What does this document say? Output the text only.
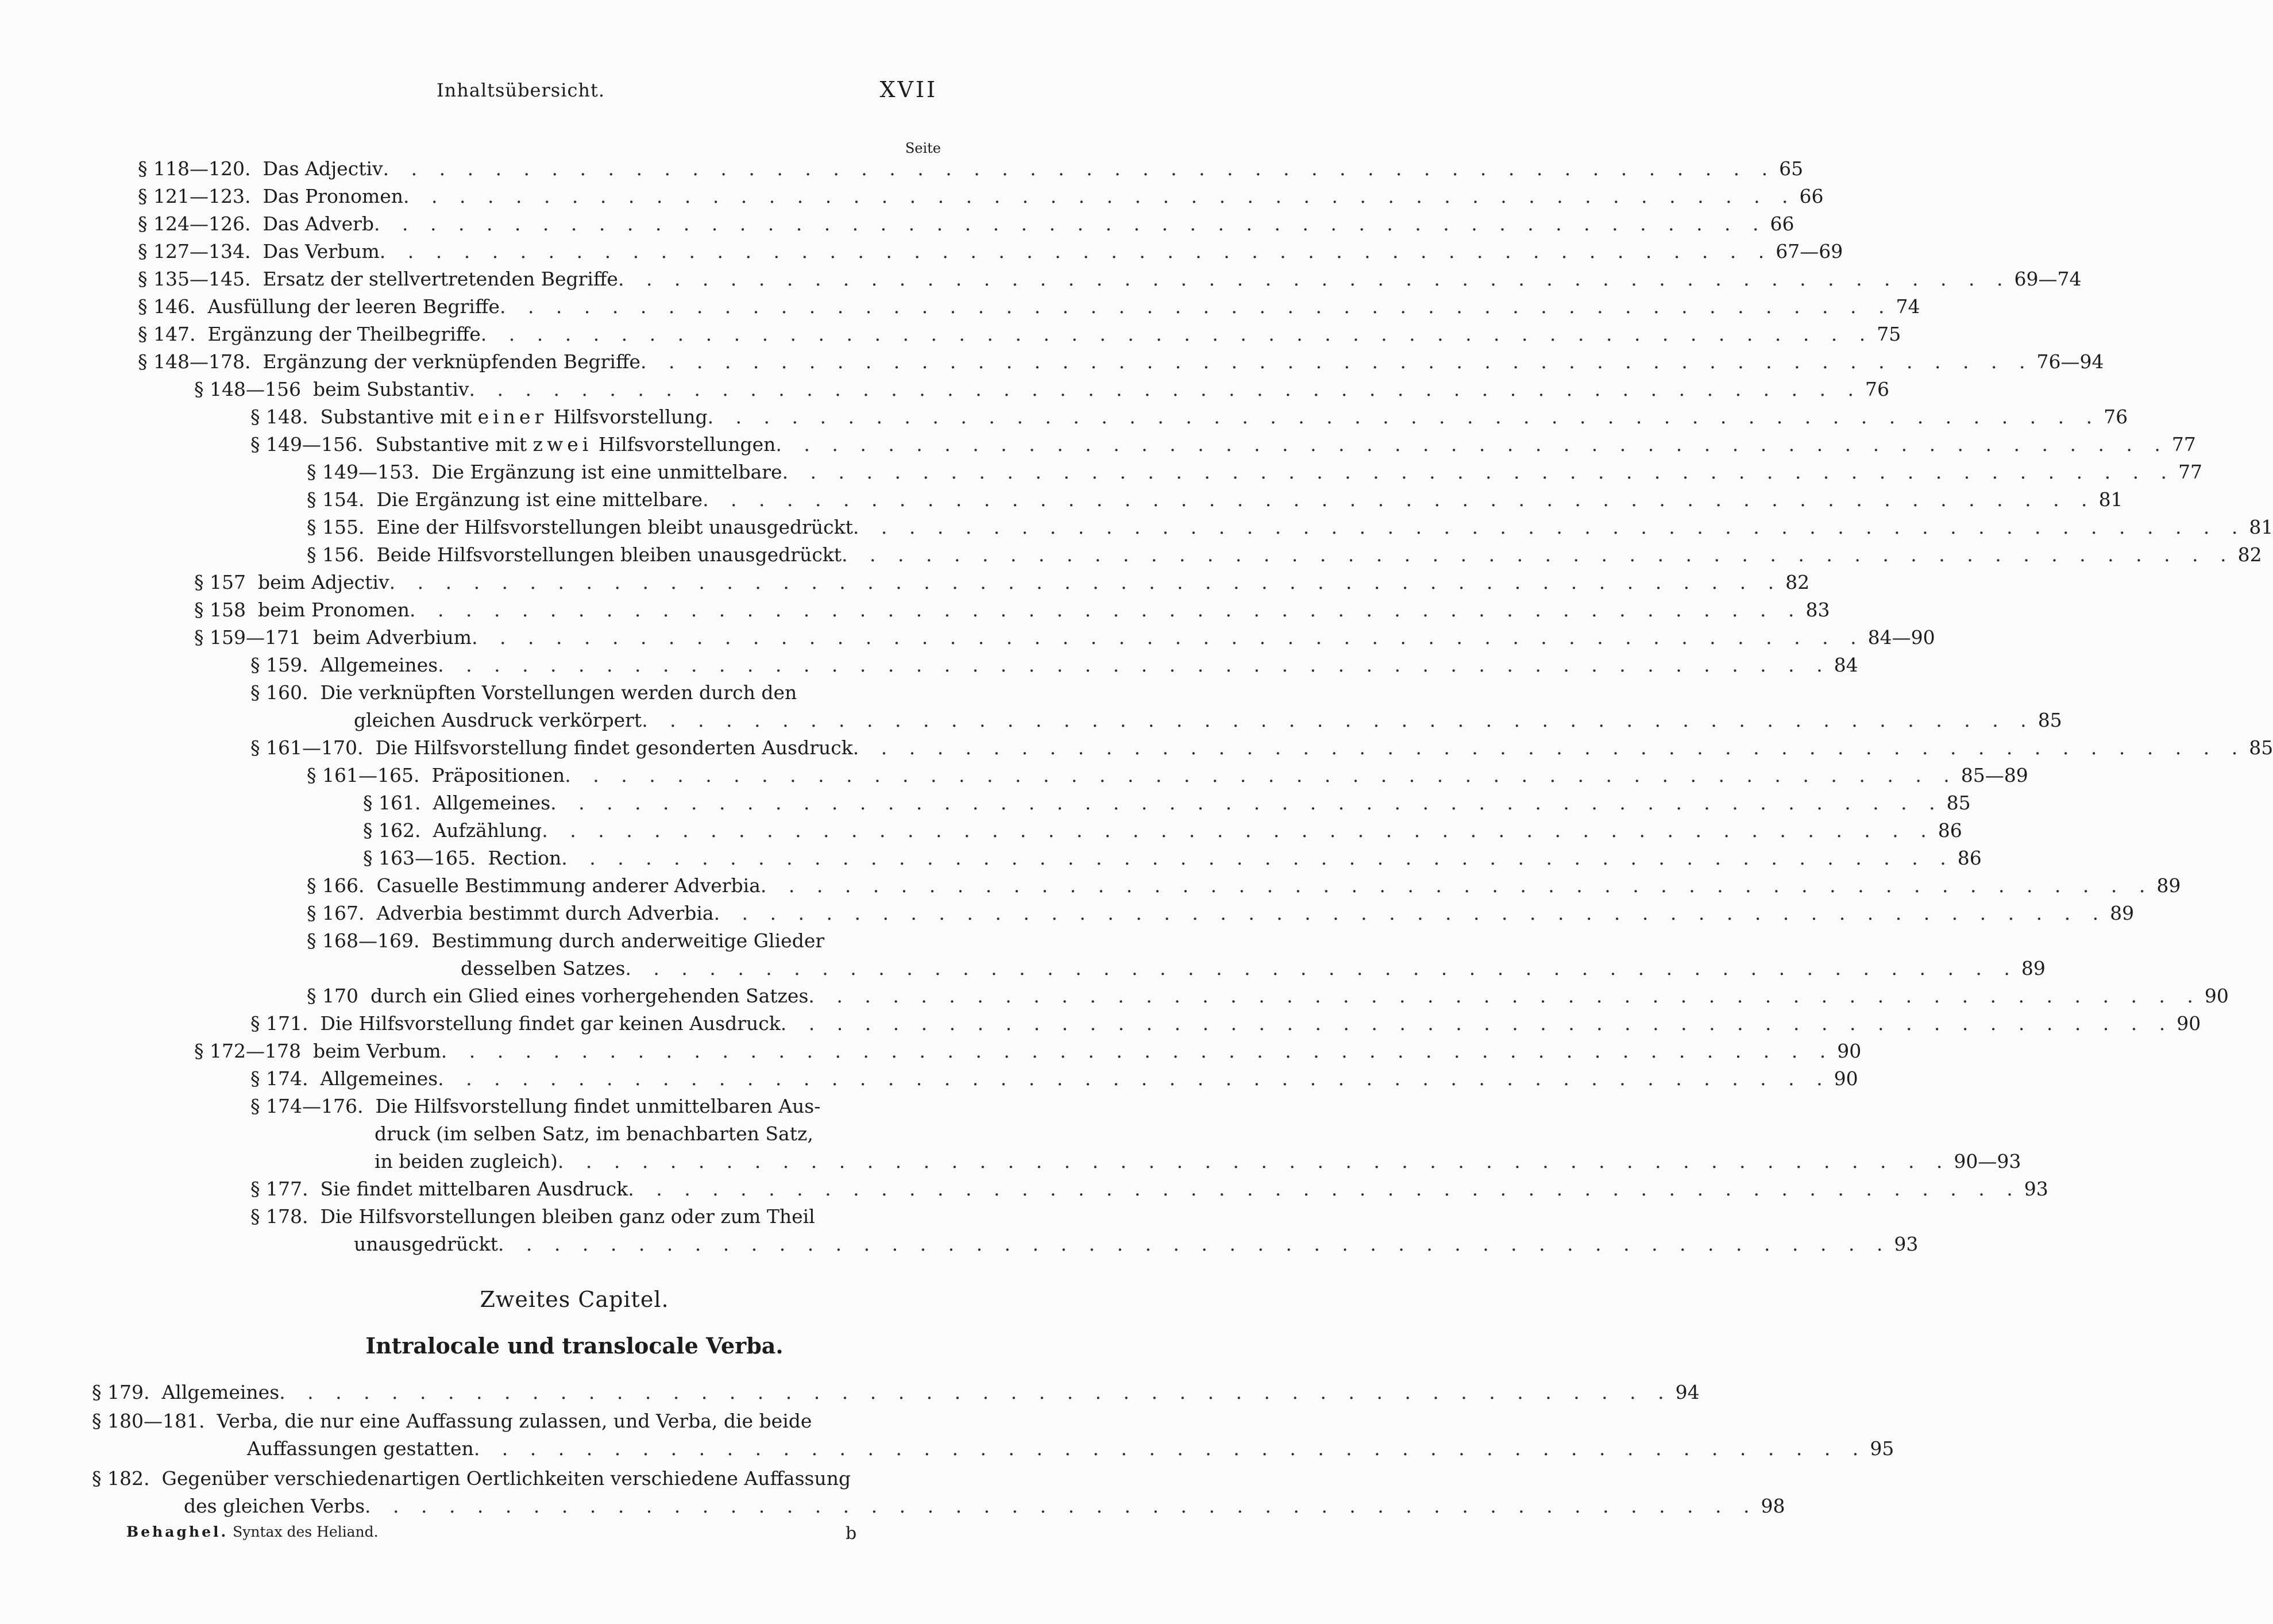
Inhaltsübersicht.	XVII
Seite
§ 118—120.
Das Adjectiv . . . . . . . . . . . . . . . . . . . . . . . . . . . . . . . . . . . . . . . . . . . . . . . . . . 65
§ 121—123.
Das Pronomen . . . . . . . . . . . . . . . . . . . . . . . . . . . . . . . . . . . . . . . . . . . . . . . . . . 66
§ 124—126.
Das Adverb . . . . . . . . . . . . . . . . . . . . . . . . . . . . . . . . . . . . . . . . . . . . . . . . . . 66
§ 127—134.
Das Verbum . . . . . . . . . . . . . . . . . . . . . . . . . . . . . . . . . . . . . . . . . . . . . . . . . . 67—69
§ 135—145.
Ersatz der stellvertretenden Begriffe . . . . . . . . . . . . . . . . . . . . . . . . . . . . . . . . . . . . . . . . . . . . . . . . . . 69—74
§ 146.
Ausfüllung der leeren Begriffe . . . . . . . . . . . . . . . . . . . . . . . . . . . . . . . . . . . . . . . . . . . . . . . . . . 74
§ 147.
Ergänzung der Theilbegriffe . . . . . . . . . . . . . . . . . . . . . . . . . . . . . . . . . . . . . . . . . . . . . . . . . . 75
§ 148—178.
Ergänzung der verknüpfenden Begriffe . . . . . . . . . . . . . . . . . . . . . . . . . . . . . . . . . . . . . . . . . . . . . . . . . . 76—94
§ 148—156
beim Substantiv . . . . . . . . . . . . . . . . . . . . . . . . . . . . . . . . . . . . . . . . . . . . . . . . . . 76
§ 148.
Substantive mit einer Hilfsvorstellung . . . . . . . . . . . . . . . . . . . . . . . . . . . . . . . . . . . . . . . . . . . . . . . . . . 76
§ 149—156.
Substantive mit zwei Hilfsvorstellungen . . . . . . . . . . . . . . . . . . . . . . . . . . . . . . . . . . . . . . . . . . . . . . . . . . 77
§ 149—153.
Die Ergänzung ist eine unmittelbare . . . . . . . . . . . . . . . . . . . . . . . . . . . . . . . . . . . . . . . . . . . . . . . . . . 77
§ 154.
Die Ergänzung ist eine mittelbare . . . . . . . . . . . . . . . . . . . . . . . . . . . . . . . . . . . . . . . . . . . . . . . . . . 81
§ 155.
Eine der Hilfsvorstellungen bleibt unausgedrückt . . . . . . . . . . . . . . . . . . . . . . . . . . . . . . . . . . . . . . . . . . . . . . . . . . 81
§ 156.
Beide Hilfsvorstellungen bleiben unausgedrückt . . . . . . . . . . . . . . . . . . . . . . . . . . . . . . . . . . . . . . . . . . . . . . . . . . 82
§ 157
beim Adjectiv . . . . . . . . . . . . . . . . . . . . . . . . . . . . . . . . . . . . . . . . . . . . . . . . . . 82
§ 158
beim Pronomen . . . . . . . . . . . . . . . . . . . . . . . . . . . . . . . . . . . . . . . . . . . . . . . . . . 83
§ 159—171
beim Adverbium . . . . . . . . . . . . . . . . . . . . . . . . . . . . . . . . . . . . . . . . . . . . . . . . . . 84—90
§ 159.
Allgemeines . . . . . . . . . . . . . . . . . . . . . . . . . . . . . . . . . . . . . . . . . . . . . . . . . . 84
§ 160.
Die verknüpften Vorstellungen werden durch den
gleichen Ausdruck verkörpert . . . . . . . . . . . . . . . . . . . . . . . . . . . . . . . . . . . . . . . . . . . . . . . . . . 85
§ 161—170.
Die Hilfsvorstellung findet gesonderten Ausdruck . . . . . . . . . . . . . . . . . . . . . . . . . . . . . . . . . . . . . . . . . . . . . . . . . . 85
§ 161—165.
Präpositionen . . . . . . . . . . . . . . . . . . . . . . . . . . . . . . . . . . . . . . . . . . . . . . . . . . 85—89
§ 161.
Allgemeines . . . . . . . . . . . . . . . . . . . . . . . . . . . . . . . . . . . . . . . . . . . . . . . . . . 85
§ 162.
Aufzählung . . . . . . . . . . . . . . . . . . . . . . . . . . . . . . . . . . . . . . . . . . . . . . . . . . 86
§ 163—165.
Rection . . . . . . . . . . . . . . . . . . . . . . . . . . . . . . . . . . . . . . . . . . . . . . . . . . 86
§ 166.
Casuelle Bestimmung anderer Adverbia . . . . . . . . . . . . . . . . . . . . . . . . . . . . . . . . . . . . . . . . . . . . . . . . . . 89
§ 167.
Adverbia bestimmt durch Adverbia . . . . . . . . . . . . . . . . . . . . . . . . . . . . . . . . . . . . . . . . . . . . . . . . . . 89
§ 168—169.
Bestimmung durch anderweitige Glieder
desselben Satzes . . . . . . . . . . . . . . . . . . . . . . . . . . . . . . . . . . . . . . . . . . . . . . . . . . 89
§ 170
durch ein Glied eines vorhergehenden Satzes . . . . . . . . . . . . . . . . . . . . . . . . . . . . . . . . . . . . . . . . . . . . . . . . . . 90
§ 171.
Die Hilfsvorstellung findet gar keinen Ausdruck . . . . . . . . . . . . . . . . . . . . . . . . . . . . . . . . . . . . . . . . . . . . . . . . . . 90
§ 172—178
beim Verbum . . . . . . . . . . . . . . . . . . . . . . . . . . . . . . . . . . . . . . . . . . . . . . . . . . 90
§ 174.
Allgemeines . . . . . . . . . . . . . . . . . . . . . . . . . . . . . . . . . . . . . . . . . . . . . . . . . . 90
§ 174—176.
Die Hilfsvorstellung findet unmittelbaren Aus-
druck (im selben Satz, im benachbarten Satz,
in beiden zugleich) . . . . . . . . . . . . . . . . . . . . . . . . . . . . . . . . . . . . . . . . . . . . . . . . . . 90—93
§ 177.
Sie findet mittelbaren Ausdruck . . . . . . . . . . . . . . . . . . . . . . . . . . . . . . . . . . . . . . . . . . . . . . . . . . 93
§ 178.
Die Hilfsvorstellungen bleiben ganz oder zum Theil
unausgedrückt . . . . . . . . . . . . . . . . . . . . . . . . . . . . . . . . . . . . . . . . . . . . . . . . . . 93
Zweites Capitel.
Intralocale und translocale Verba.
§ 179.
Allgemeines . . . . . . . . . . . . . . . . . . . . . . . . . . . . . . . . . . . . . . . . . . . . . . . . . . 94
§ 180—181.
Verba, die nur eine Auffassung zulassen, und Verba, die beide
Auffassungen gestatten . . . . . . . . . . . . . . . . . . . . . . . . . . . . . . . . . . . . . . . . . . . . . . . . . . 95
§ 182.
Gegenüber verschiedenartigen Oertlichkeiten verschiedene Auffassung
des gleichen Verbs . . . . . . . . . . . . . . . . . . . . . . . . . . . . . . . . . . . . . . . . . . . . . . . . . . 98
Behaghel. Syntax des Heliand.	b
